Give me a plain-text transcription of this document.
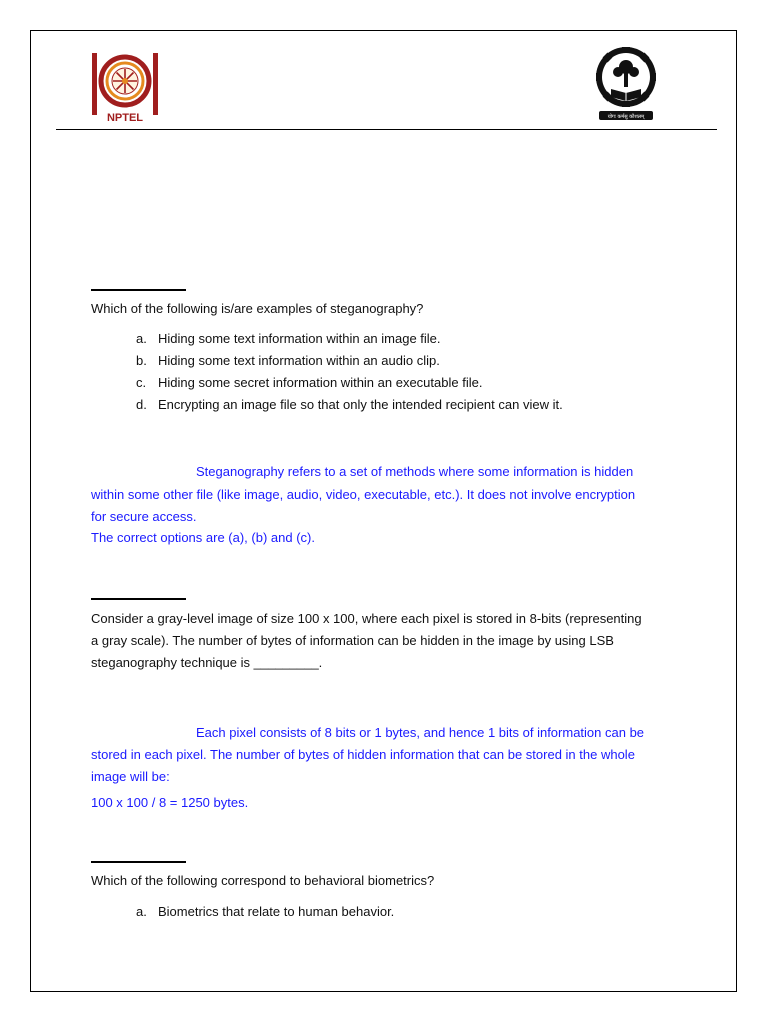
NPTEL	योगः कर्मसु कौशलम्
Which of the following is/are examples of steganography?
a. Hiding some text information within an image file.
b. Hiding some text information within an audio clip.
c. Hiding some secret information within an executable file.
d. Encrypting an image file so that only the intended recipient can view it.
Steganography refers to a set of methods where some information is hidden
within some other file (like image, audio, video, executable, etc.). It does not involve encryption
for secure access.
The correct options are (a), (b) and (c).
Consider a gray-level image of size 100 x 100, where each pixel is stored in 8-bits (representing
a gray scale). The number of bytes of information can be hidden in the image by using LSB
steganography technique is _________.
Each pixel consists of 8 bits or 1 bytes, and hence 1 bits of information can be
stored in each pixel. The number of bytes of hidden information that can be stored in the whole
image will be:
100 x 100 / 8 = 1250 bytes.
Which of the following correspond to behavioral biometrics?
a. Biometrics that relate to human behavior.
